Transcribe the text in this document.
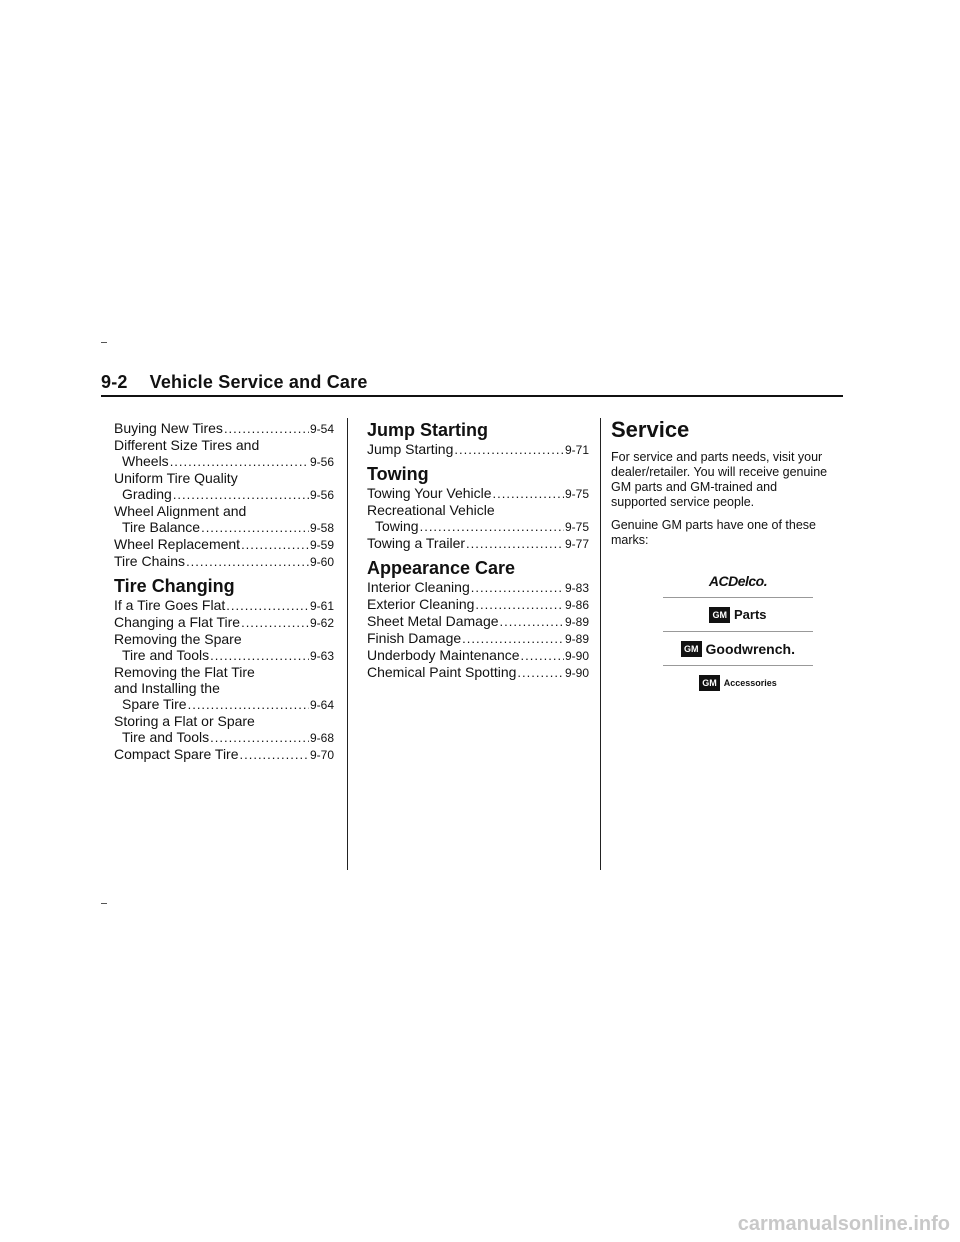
9-2 Vehicle Service and Care
Buying New Tires .....	9-54
Different Size Tires and
Wheels .....	9-56
Uniform Tire Quality
Grading .....	9-56
Wheel Alignment and
Tire Balance .....	9-58
Wheel Replacement .....	9-59
Tire Chains .....	9-60
Tire Changing
If a Tire Goes Flat .....	9-61
Changing a Flat Tire .....	9-62
Removing the Spare
Tire and Tools .....	9-63
Removing the Flat Tire
and Installing the
Spare Tire .....	9-64
Storing a Flat or Spare
Tire and Tools .....	9-68
Compact Spare Tire .....	9-70
Jump Starting
Jump Starting .....	9-71
Towing
Towing Your Vehicle .....	9-75
Recreational Vehicle
Towing .....	9-75
Towing a Trailer .....	9-77
Appearance Care
Interior Cleaning .....	9-83
Exterior Cleaning .....	9-86
Sheet Metal Damage .....	9-89
Finish Damage .....	9-89
Underbody Maintenance .....	9-90
Chemical Paint Spotting .....	9-90
Service

For service and parts needs, visit your dealer/retailer. You will receive genuine GM parts and GM-trained and supported service people.

Genuine GM parts have one of these marks:

ACDelco.
GM Parts
GM Goodwrench.
GM Accessories
carmanualsonline.info
